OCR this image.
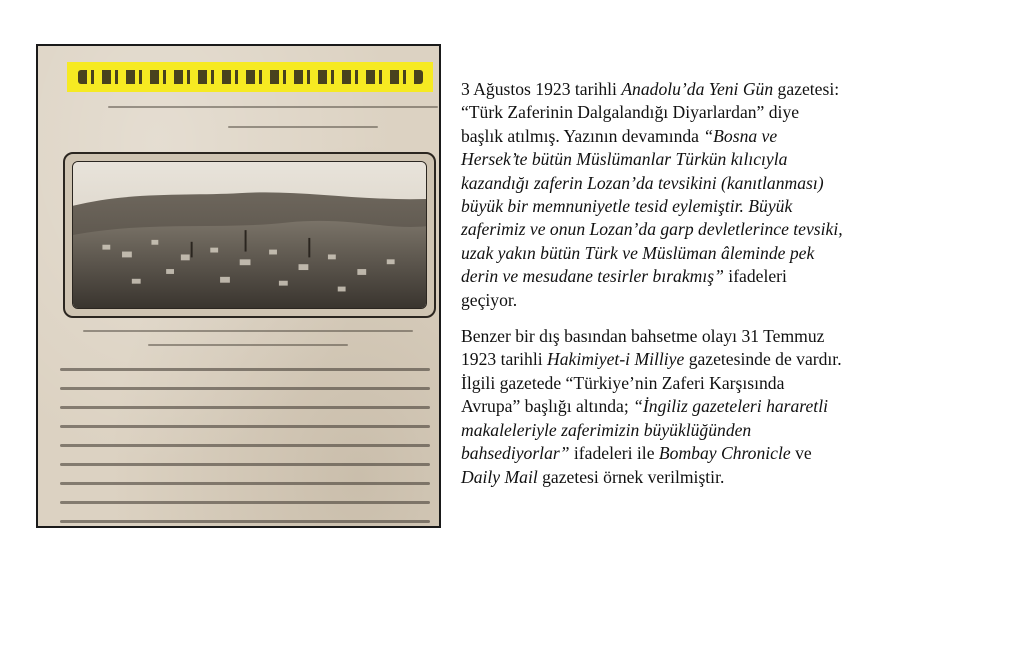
3 Ağustos 1923 tarihli Anadolu’da Yeni Gün gazetesi:
“Türk Zaferinin Dalgalandığı Diyarlardan” diye
başlık atılmış. Yazının devamında “Bosna ve
Hersek’te bütün Müslümanlar Türkün kılıcıyla
kazandığı zaferin Lozan’da tevsikini (kanıtlanması)
büyük bir memnuniyetle tesid eylemiştir. Büyük
zaferimiz ve onun Lozan’da garp devletlerince tevsiki,
uzak yakın bütün Türk ve Müslüman âleminde pek
derin ve mesudane tesirler bırakmış” ifadeleri
geçiyor.

Benzer bir dış basından bahsetme olayı 31 Temmuz
1923 tarihli Hakimiyet-i Milliye gazetesinde de vardır.
İlgili gazetede “Türkiye’nin Zaferi Karşısında
Avrupa” başlığı altında; “İngiliz gazeteleri hararetli
makaleleriyle zaferimizin büyüklüğünden
bahsediyorlar” ifadeleri ile Bombay Chronicle ve
Daily Mail gazetesi örnek verilmiştir.
